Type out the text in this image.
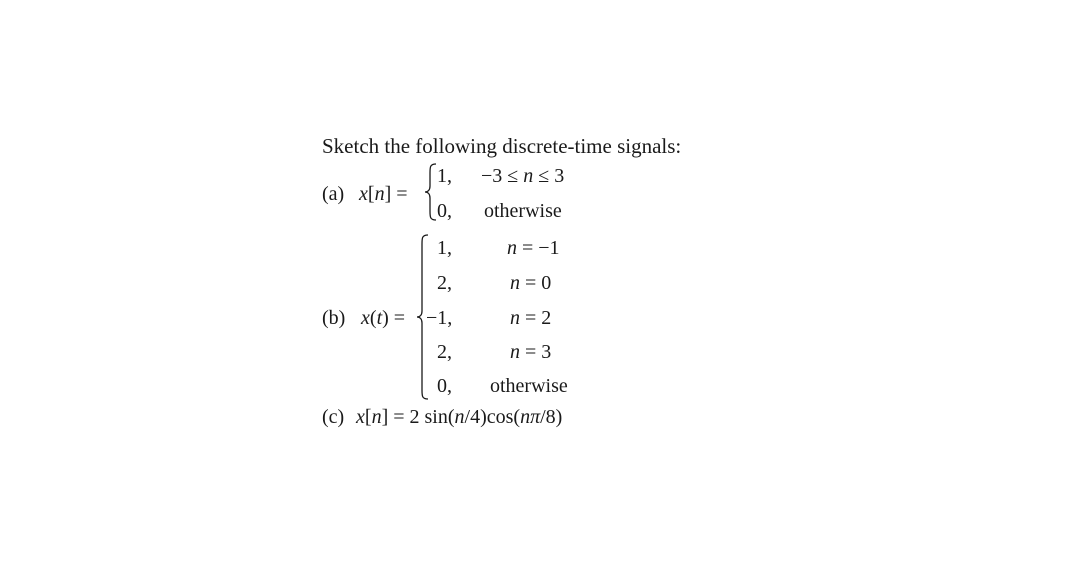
Sketch the following discrete-time signals:
(a) x[n] =
1, −3 ≤ n ≤ 3
0, otherwise
(b) x(t) =
1,	n = −1
2,	n = 0
−1,	n = 2
2,	n = 3
0, otherwise
(c) x[n] = 2 sin(n/4)cos(nπ/8)
